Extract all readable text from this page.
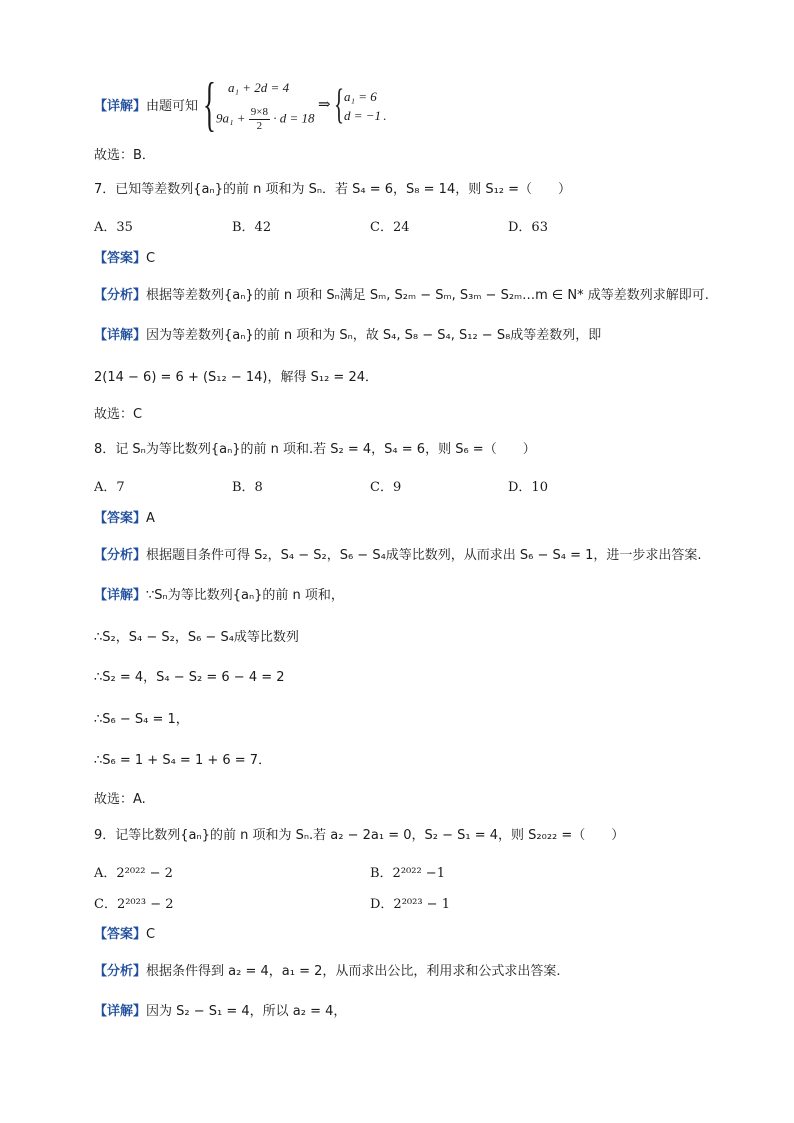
【详解】由题可知 { a₁ + 2d = 4
$9a_1 + \frac{9\times 8}{2} \cdot d = 18$
⇒ { a₁ = 6
d = −1 .
故选：B．
7．已知等差数列{aₙ}的前 n 项和为 Sₙ．若 S₄ = 6，S₈ = 14，则 S₁₂ =（　　）
A．35	B．42	C．24	D．63
【答案】C
【分析】根据等差数列{aₙ}的前 n 项和 Sₙ满足 Sₘ, S₂ₘ − Sₘ, S₃ₘ − S₂ₘ…m ∈ N* 成等差数列求解即可.
【详解】因为等差数列{aₙ}的前 n 项和为 Sₙ，故 S₄, S₈ − S₄, S₁₂ − S₈成等差数列，即
2(14 − 6) = 6 + (S₁₂ − 14)，解得 S₁₂ = 24．
故选：C
8．记 Sₙ为等比数列{aₙ}的前 n 项和.若 S₂ = 4，S₄ = 6，则 S₆ =（　　）
A．7	B．8	C．9	D．10
【答案】A
【分析】根据题目条件可得 S₂，S₄ − S₂，S₆ − S₄成等比数列，从而求出 S₆ − S₄ = 1，进一步求出答案.
【详解】∵Sₙ为等比数列{aₙ}的前 n 项和，
∴S₂，S₄ − S₂，S₆ − S₄成等比数列
∴S₂ = 4，S₄ − S₂ = 6 − 4 = 2
∴S₆ − S₄ = 1，
∴S₆ = 1 + S₄ = 1 + 6 = 7．
故选：A.
9．记等比数列{aₙ}的前 n 项和为 Sₙ.若 a₂ − 2a₁ = 0，S₂ − S₁ = 4，则 S₂₀₂₂ =（　　）
A．2²⁰²² − 2	B．2²⁰²² −1
C．2²⁰²³ − 2	D．2²⁰²³ − 1
【答案】C
【分析】根据条件得到 a₂ = 4，a₁ = 2，从而求出公比，利用求和公式求出答案.
【详解】因为 S₂ − S₁ = 4，所以 a₂ = 4，
